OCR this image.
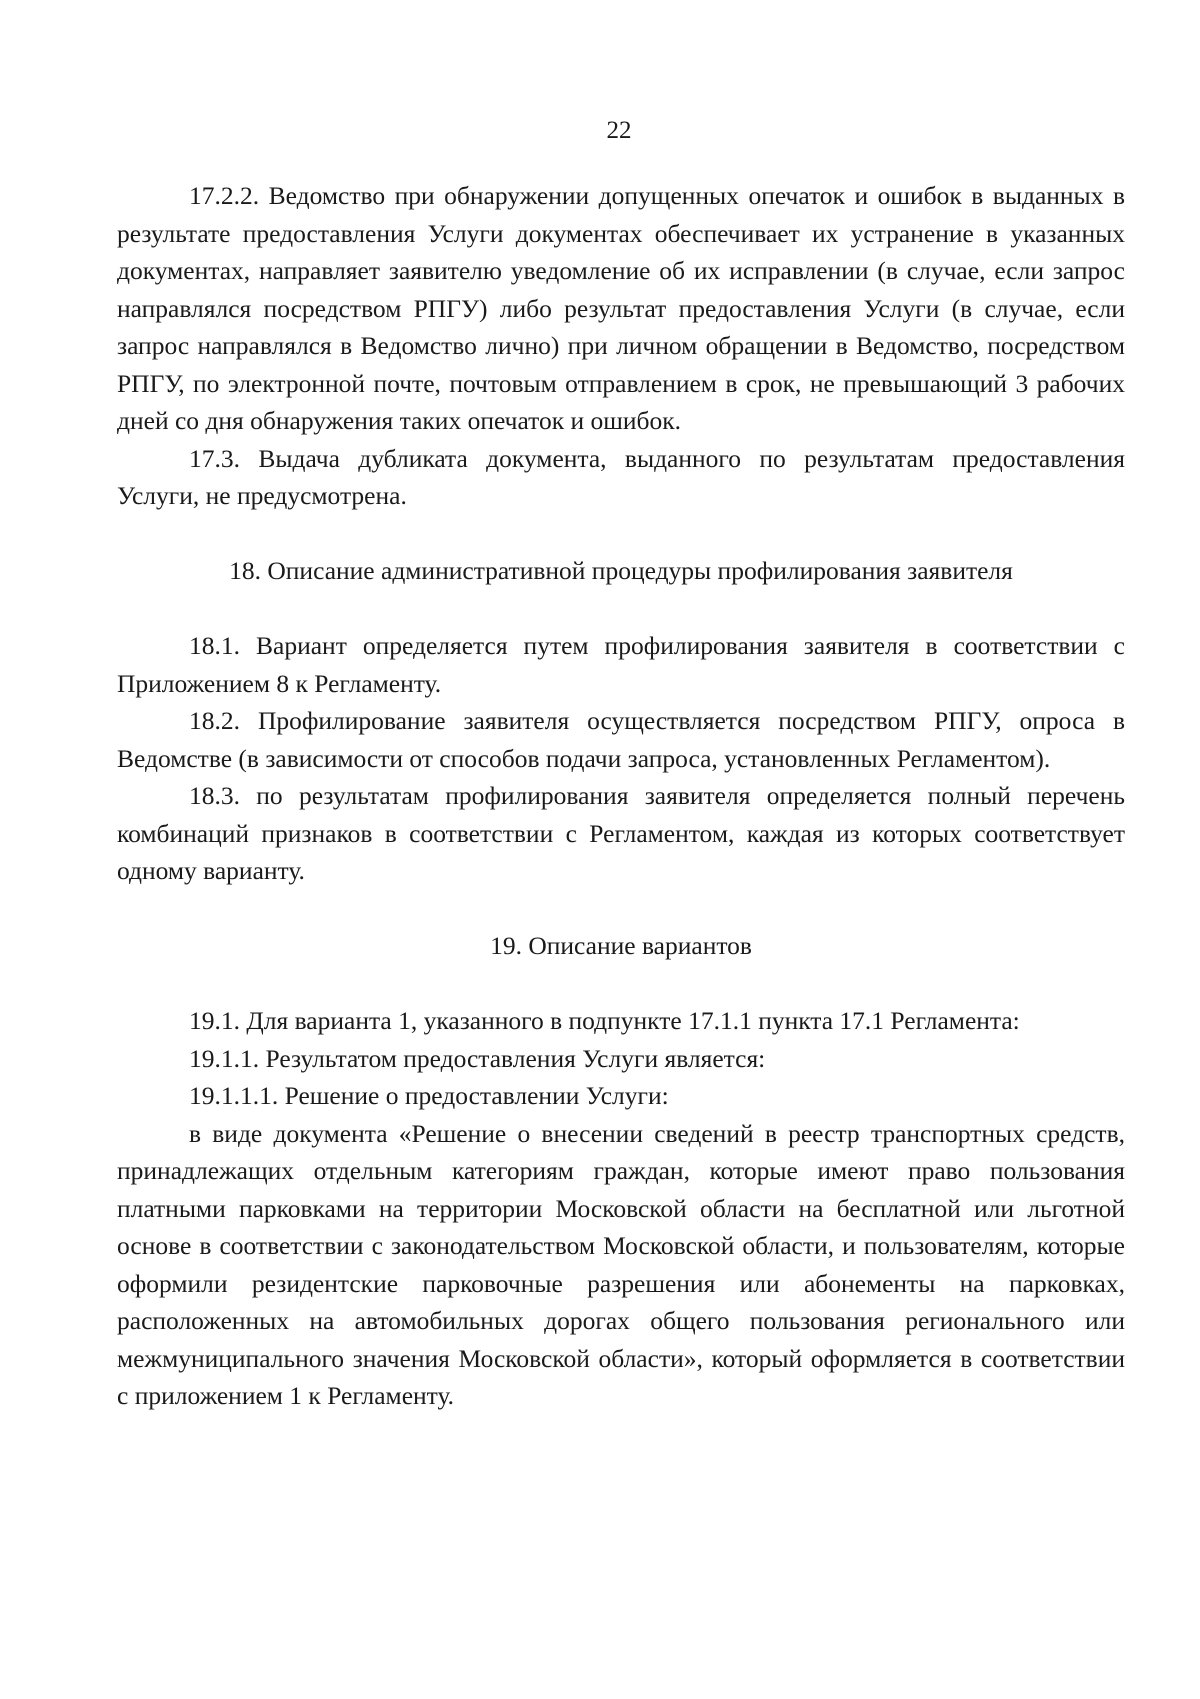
22

17.2.2. Ведомство при обнаружении допущенных опечаток и ошибок в выданных в результате предоставления Услуги документах обеспечивает их устранение в указанных документах, направляет заявителю уведомление об их исправлении (в случае, если запрос направлялся посредством РПГУ) либо результат предоставления Услуги (в случае, если запрос направлялся в Ведомство лично) при личном обращении в Ведомство, посредством РПГУ, по электронной почте, почтовым отправлением в срок, не превышающий 3 рабочих дней со дня обнаружения таких опечаток и ошибок.

17.3. Выдача дубликата документа, выданного по результатам предоставления Услуги, не предусмотрена.

18. Описание административной процедуры профилирования заявителя

18.1. Вариант определяется путем профилирования заявителя в соответствии с Приложением 8 к Регламенту.

18.2. Профилирование заявителя осуществляется посредством РПГУ, опроса в Ведомстве (в зависимости от способов подачи запроса, установленных Регламентом).

18.3. по результатам профилирования заявителя определяется полный перечень комбинаций признаков в соответствии с Регламентом, каждая из которых соответствует одному варианту.

19. Описание вариантов

19.1. Для варианта 1, указанного в подпункте 17.1.1 пункта 17.1 Регламента:

19.1.1. Результатом предоставления Услуги является:

19.1.1.1. Решение о предоставлении Услуги:

в виде документа «Решение о внесении сведений в реестр транспортных средств, принадлежащих отдельным категориям граждан, которые имеют право пользования платными парковками на территории Московской области на бесплатной или льготной основе в соответствии с законодательством Московской области, и пользователям, которые оформили резидентские парковочные разрешения или абонементы на парковках, расположенных на автомобильных дорогах общего пользования регионального или межмуниципального значения Московской области», который оформляется в соответствии с приложением 1 к Регламенту.
